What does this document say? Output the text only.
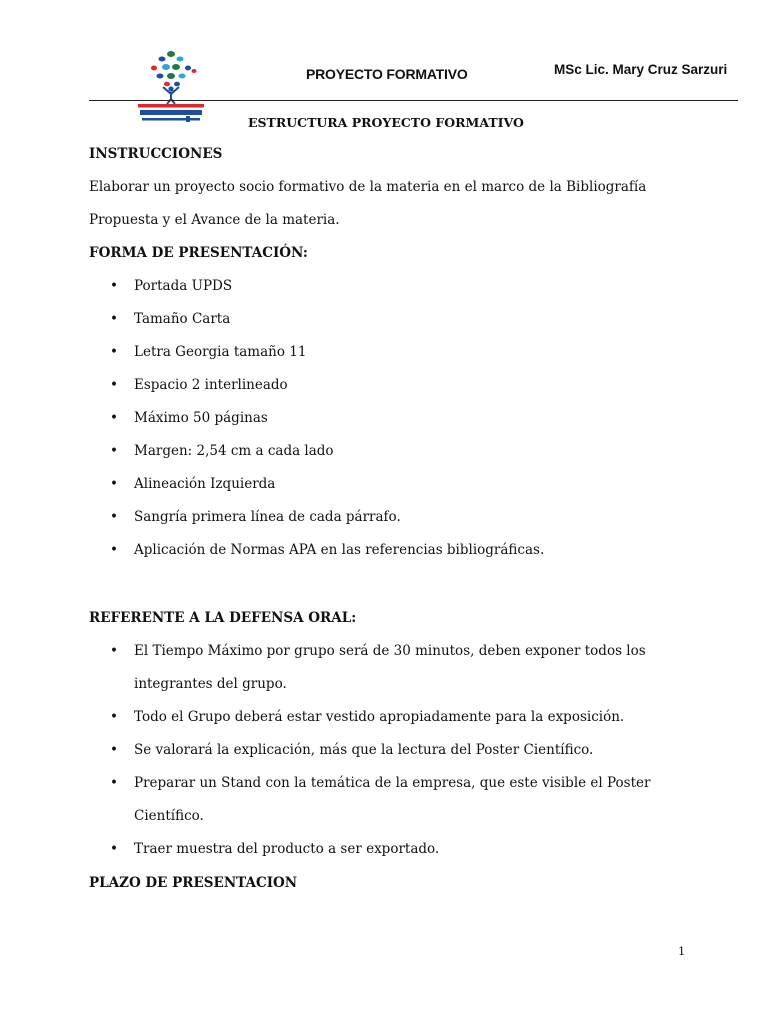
PROYECTO FORMATIVO	MSc Lic. Mary Cruz Sarzuri
ESTRUCTURA PROYECTO FORMATIVO
INSTRUCCIONES
Elaborar un proyecto socio formativo de la materia en el marco de la Bibliografía
Propuesta y el Avance de la materia.
FORMA DE PRESENTACIÓN:
• Portada UPDS
• Tamaño Carta
• Letra Georgia tamaño 11
• Espacio 2 interlineado
• Máximo 50 páginas
• Margen: 2,54 cm a cada lado
• Alineación Izquierda
• Sangría primera línea de cada párrafo.
• Aplicación de Normas APA en las referencias bibliográficas.
REFERENTE A LA DEFENSA ORAL:
• El Tiempo Máximo por grupo será de 30 minutos, deben exponer todos los
integrantes del grupo.
• Todo el Grupo deberá estar vestido apropiadamente para la exposición.
• Se valorará la explicación, más que la lectura del Poster Científico.
• Preparar un Stand con la temática de la empresa, que este visible el Poster
Científico.
• Traer muestra del producto a ser exportado.
PLAZO DE PRESENTACION
1
